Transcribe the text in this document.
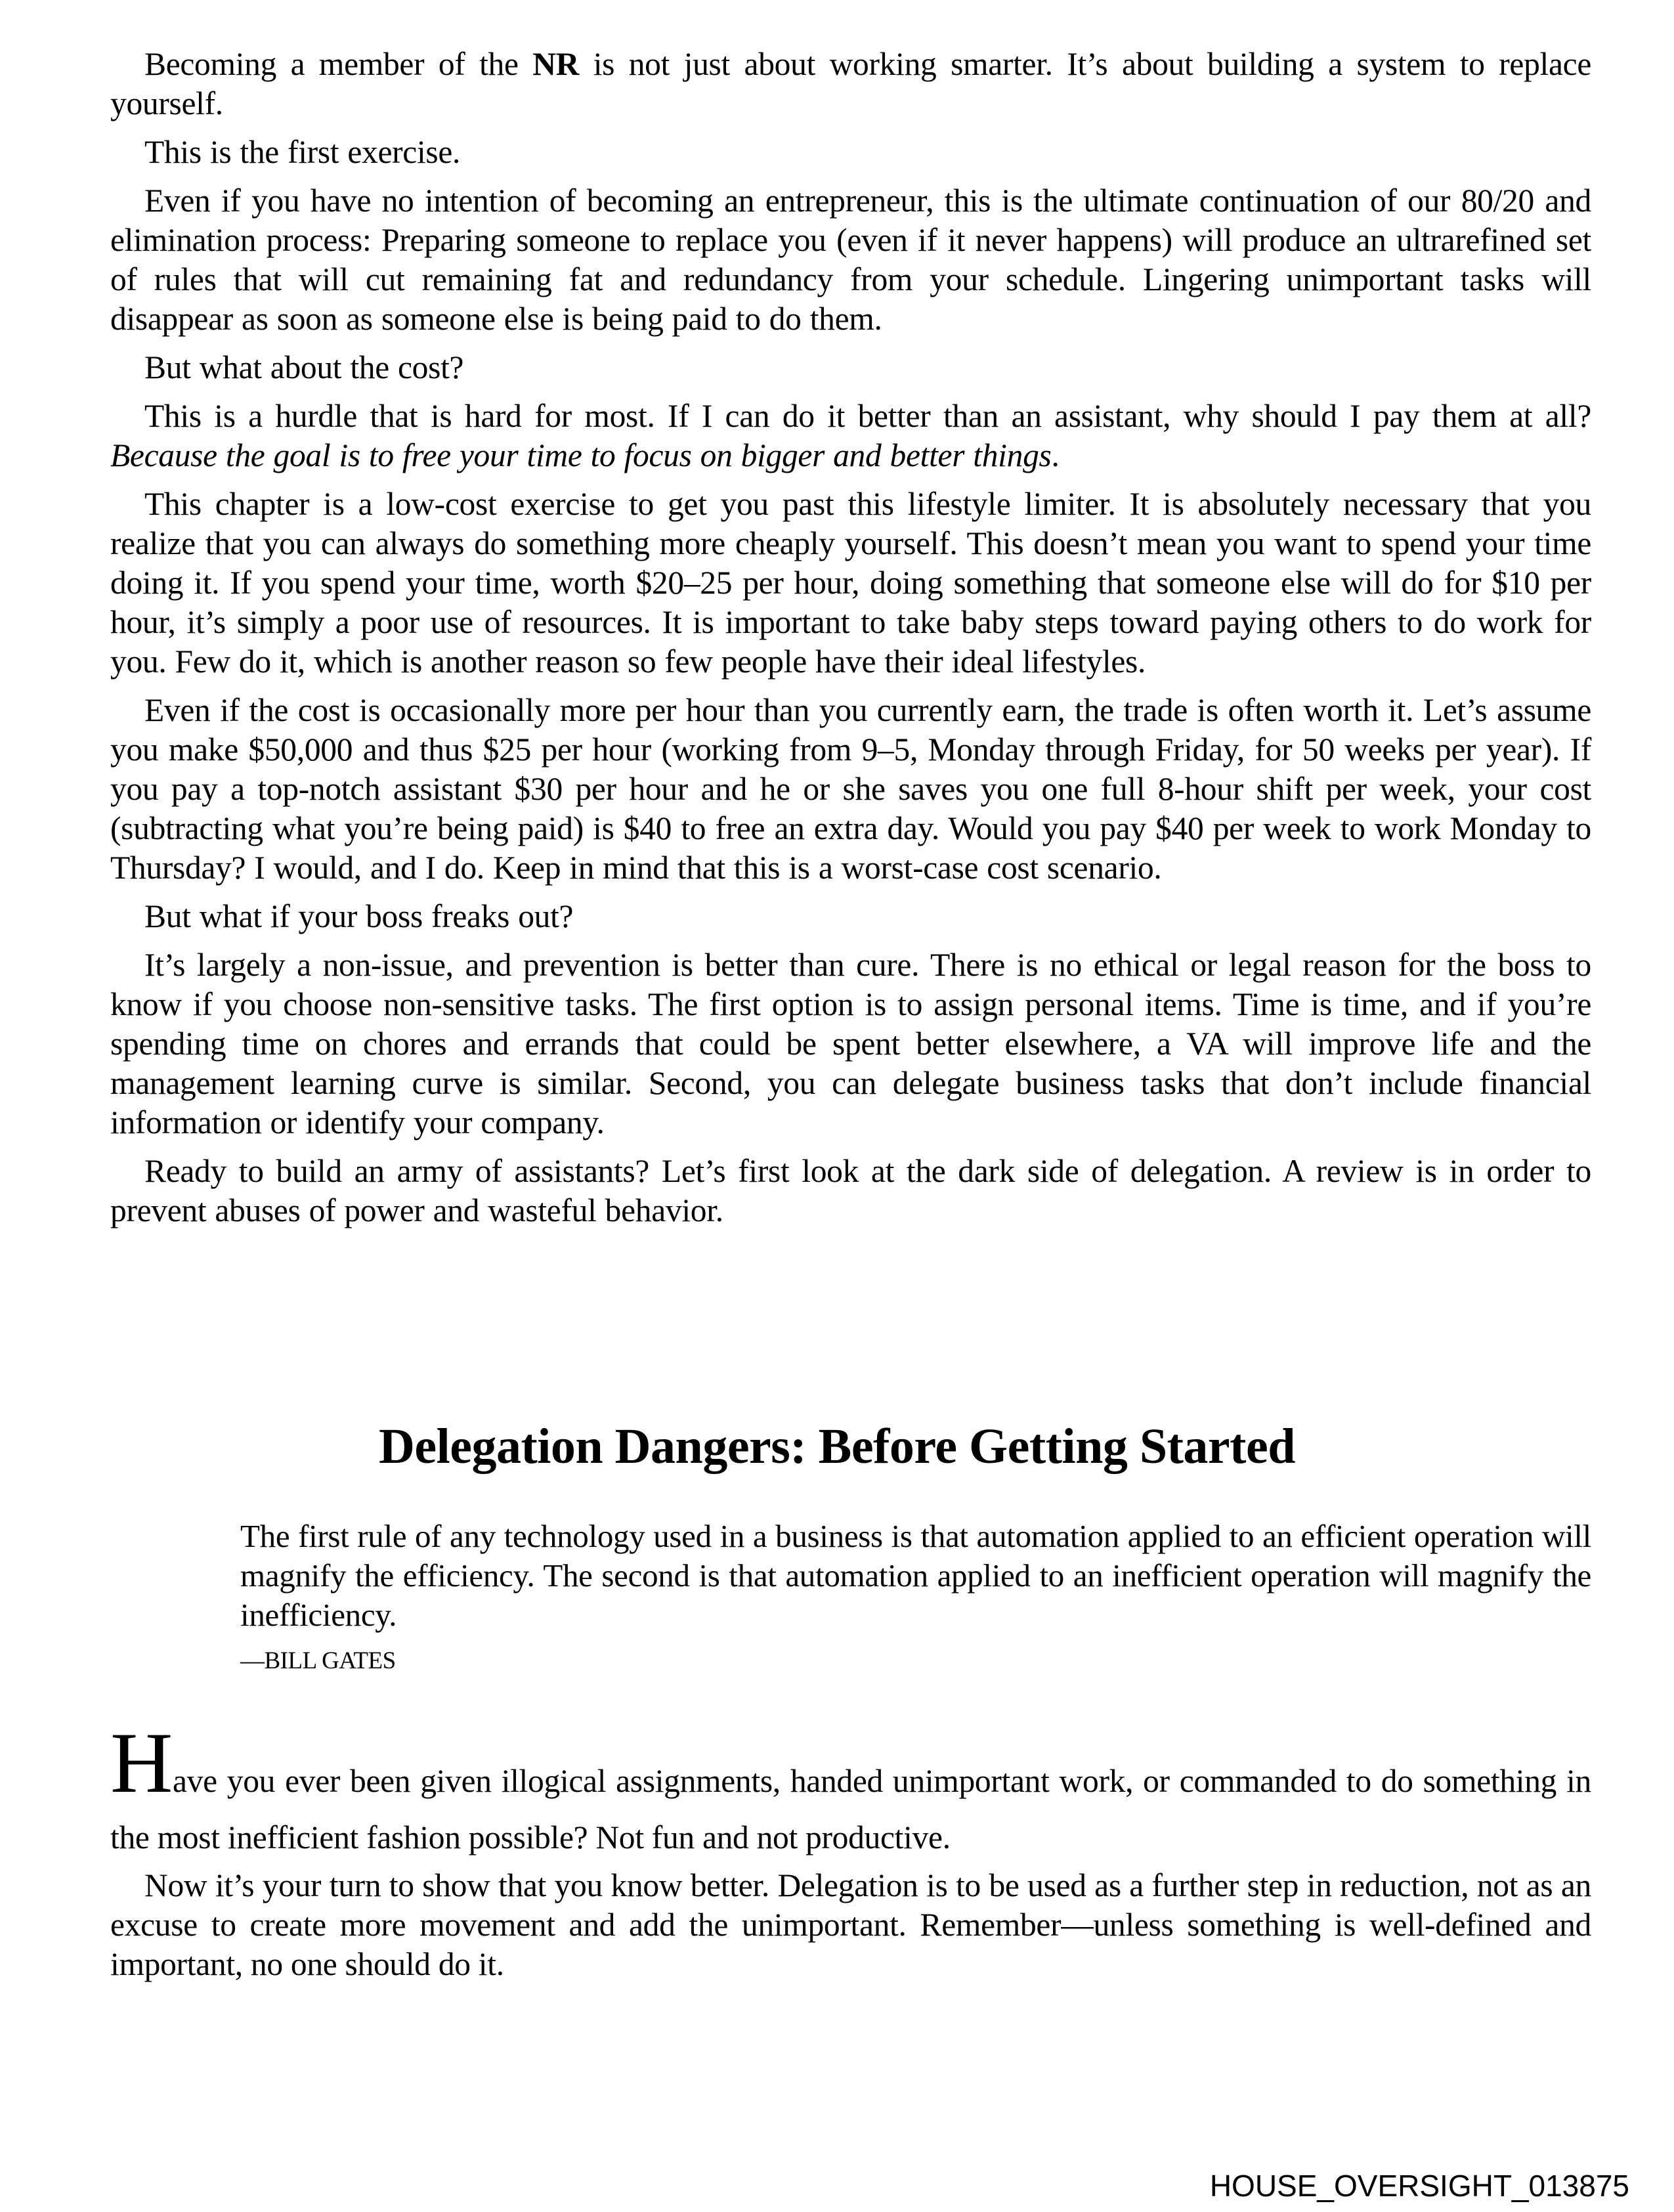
Becoming a member of the NR is not just about working smarter. It’s about building a system to replace yourself.

This is the first exercise.

Even if you have no intention of becoming an entrepreneur, this is the ultimate continuation of our 80/20 and elimination process: Preparing someone to replace you (even if it never happens) will produce an ultrarefined set of rules that will cut remaining fat and redundancy from your schedule. Lingering unimportant tasks will disappear as soon as someone else is being paid to do them.

But what about the cost?

This is a hurdle that is hard for most. If I can do it better than an assistant, why should I pay them at all? Because the goal is to free your time to focus on bigger and better things.

This chapter is a low-cost exercise to get you past this lifestyle limiter. It is absolutely necessary that you realize that you can always do something more cheaply yourself. This doesn’t mean you want to spend your time doing it. If you spend your time, worth $20–25 per hour, doing something that someone else will do for $10 per hour, it’s simply a poor use of resources. It is important to take baby steps toward paying others to do work for you. Few do it, which is another reason so few people have their ideal lifestyles.

Even if the cost is occasionally more per hour than you currently earn, the trade is often worth it. Let’s assume you make $50,000 and thus $25 per hour (working from 9–5, Monday through Friday, for 50 weeks per year). If you pay a top-notch assistant $30 per hour and he or she saves you one full 8-hour shift per week, your cost (subtracting what you’re being paid) is $40 to free an extra day. Would you pay $40 per week to work Monday to Thursday? I would, and I do. Keep in mind that this is a worst-case cost scenario.

But what if your boss freaks out?

It’s largely a non-issue, and prevention is better than cure. There is no ethical or legal reason for the boss to know if you choose non-sensitive tasks. The first option is to assign personal items. Time is time, and if you’re spending time on chores and errands that could be spent better elsewhere, a VA will improve life and the management learning curve is similar. Second, you can delegate business tasks that don’t include financial information or identify your company.

Ready to build an army of assistants? Let’s first look at the dark side of delegation. A review is in order to prevent abuses of power and wasteful behavior.

Delegation Dangers: Before Getting Started

The first rule of any technology used in a business is that automation applied to an efficient operation will magnify the efficiency. The second is that automation applied to an inefficient operation will magnify the inefficiency.

—BILL GATES

Have you ever been given illogical assignments, handed unimportant work, or commanded to do something in the most inefficient fashion possible? Not fun and not productive.

Now it’s your turn to show that you know better. Delegation is to be used as a further step in reduction, not as an excuse to create more movement and add the unimportant. Remember—unless something is well-defined and important, no one should do it.

HOUSE_OVERSIGHT_013875
